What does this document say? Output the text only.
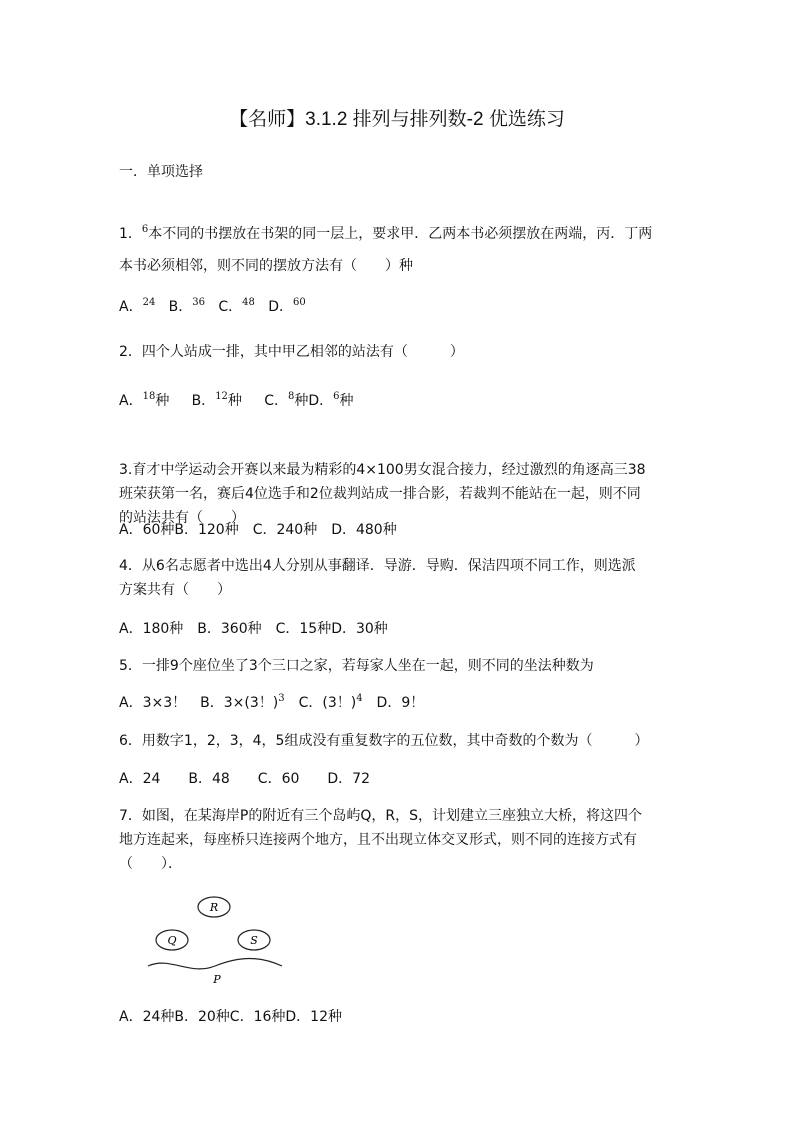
【名师】3.1.2 排列与排列数-2 优选练习
一．单项选择
1．$^6$本不同的书摆放在书架的同一层上，要求甲．乙两本书必须摆放在两端，丙．丁两
本书必须相邻，则不同的摆放方法有（　　）种
A．$^{24}$ B．$^{36}$ C．$^{48}$ D．$^{60}$
2．四个人站成一排，其中甲乙相邻的站法有（　　　）
A．$^{18}$种 B．$^{12}$种 C．$^8$种D．$^6$种
3.育才中学运动会开赛以来最为精彩的4×100男女混合接力，经过激烈的角逐高三38
班荣获第一名，赛后4位选手和2位裁判站成一排合影，若裁判不能站在一起，则不同
的站法共有（　　）
A．60种B．120种　C．240种　D．480种
4．从6名志愿者中选出4人分别从事翻译．导游．导购．保洁四项不同工作，则选派
方案共有（　　）
A．180种　B．360种　C．15种D．30种
5．一排9个座位坐了3个三口之家，若每家人坐在一起，则不同的坐法种数为
A．3×3！　B．3×(3！)$^3$　C．(3！)$^4$　D．9！
6．用数字1，2，3，4，5组成没有重复数字的五位数，其中奇数的个数为（　　　）
A．24　　B．48　　C．60　　D．72
7．如图，在某海岸P的附近有三个岛屿Q，R，S，计划建立三座独立大桥，将这四个
地方连起来，每座桥只连接两个地方，且不出现立体交叉形式，则不同的连接方式有
（　　）．
R
Q	S
P
A．24种B．20种C．16种D．12种
